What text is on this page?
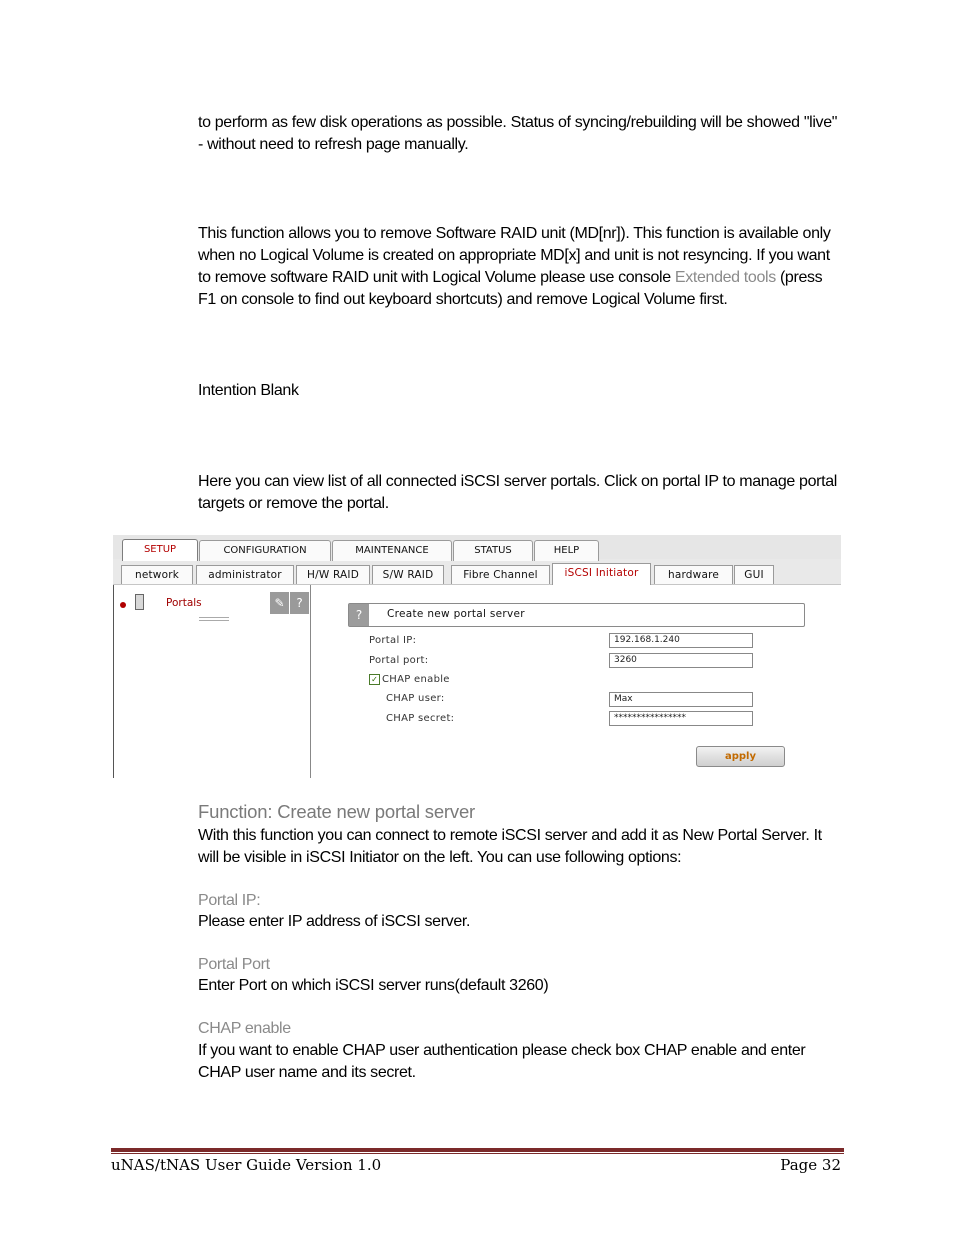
to perform as few disk operations as possible. Status of syncing/rebuilding will be showed "live" - without need to refresh page manually.

This function allows you to remove Software RAID unit (MD[nr]). This function is available only when no Logical Volume is created on appropriate MD[x] and unit is not resyncing. If you want to remove software RAID unit with Logical Volume please use console Extended tools (press F1 on console to find out keyboard shortcuts) and remove Logical Volume first.

Intention Blank

Here you can view list of all connected iSCSI server portals. Click on portal IP to manage portal targets or remove the portal.

SETUP	CONFIGURATION	MAINTENANCE	STATUS	HELP
network	administrator	H/W RAID	S/W RAID	Fibre Channel	iSCSI Initiator	hardware	GUI
Portals	✎ ?
?	Create new portal server
Portal IP:	192.168.1.240
Portal port:	3260
✓ CHAP enable
CHAP user:	Max
CHAP secret:	****************
apply

Function: Create new portal server

With this function you can connect to remote iSCSI server and add it as New Portal Server. It will be visible in iSCSI Initiator on the left. You can use following options:

Portal IP:

Please enter IP address of iSCSI server.

Portal Port

Enter Port on which iSCSI server runs(default 3260)

CHAP enable

If you want to enable CHAP user authentication please check box CHAP enable and enter CHAP user name and its secret.

uNAS/tNAS User Guide Version 1.0	Page 32
